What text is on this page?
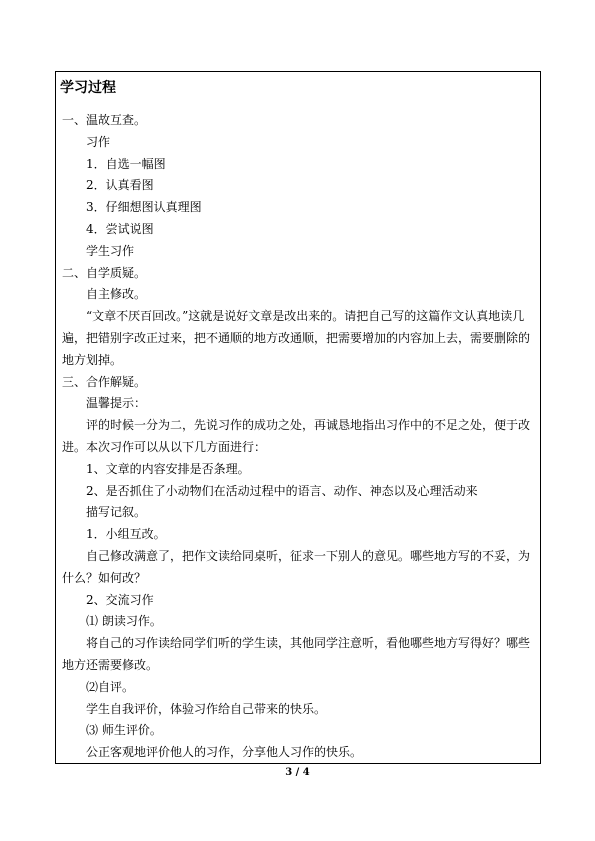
学习过程
一、温故互查。
习作
1．自选一幅图
2．认真看图
3．仔细想图认真理图
4．尝试说图
学生习作
二、自学质疑。
自主修改。
“文章不厌百回改。”这就是说好文章是改出来的。请把自己写的这篇作文认真地读几遍，把错别字改正过来，把不通顺的地方改通顺，把需要增加的内容加上去，需要删除的地方划掉。
三、合作解疑。
温馨提示：
评的时候一分为二，先说习作的成功之处，再诚恳地指出习作中的不足之处，便于改进。本次习作可以从以下几方面进行：
1、文章的内容安排是否条理。
2、是否抓住了小动物们在活动过程中的语言、动作、神态以及心理活动来
描写记叙。
1．小组互改。
自己修改满意了，把作文读给同桌听，征求一下别人的意见。哪些地方写的不妥，为什么？如何改？
2、交流习作
⑴ 朗读习作。
将自己的习作读给同学们听的学生读，其他同学注意听，看他哪些地方写得好？哪些地方还需要修改。
⑵自评。
学生自我评价，体验习作给自己带来的快乐。
⑶ 师生评价。
公正客观地评价他人的习作，分享他人习作的快乐。
3 / 4
